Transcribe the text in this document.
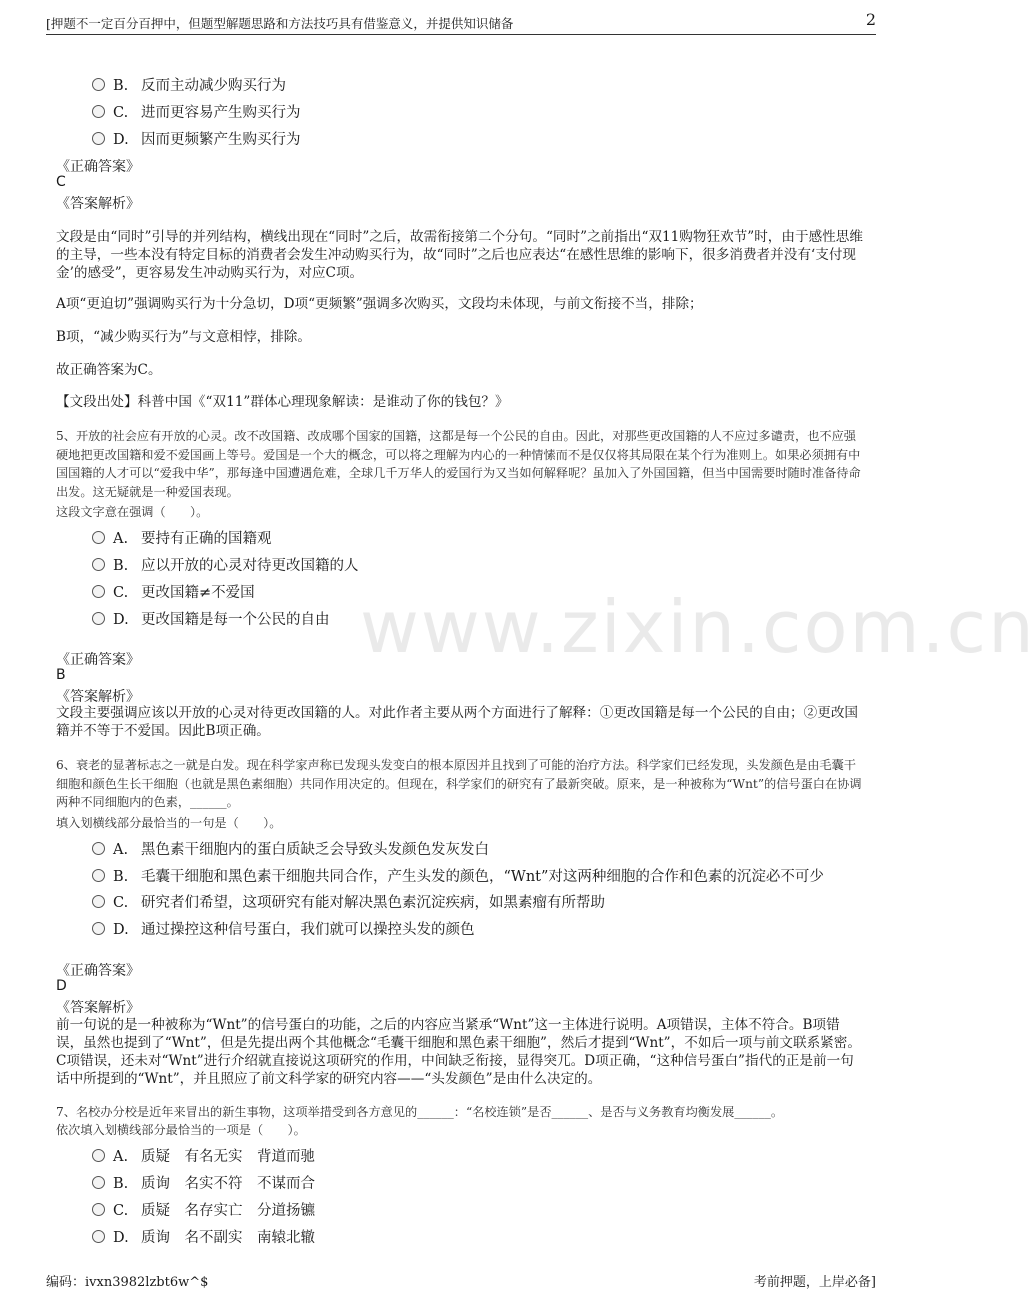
[押题不一定百分百押中，但题型解题思路和方法技巧具有借鉴意义，并提供知识储备	2
www.zixin.com.cn
B. 反而主动减少购买行为
C. 进而更容易产生购买行为
D. 因而更频繁产生购买行为
《正确答案》
C
《答案解析》
文段是由“同时”引导的并列结构，横线出现在“同时”之后，故需衔接第二个分句。“同时”之前指出“双11购物狂欢节”时，由于感性思维的主导，一些本没有特定目标的消费者会发生冲动购买行为，故“同时”之后也应表达“在感性思维的影响下，很多消费者并没有‘支付现金’的感受”，更容易发生冲动购买行为，对应C项。
A项“更迫切”强调购买行为十分急切，D项“更频繁”强调多次购买，文段均未体现，与前文衔接不当，排除；
B项，“减少购买行为”与文意相悖，排除。
故正确答案为C。
【文段出处】科普中国《“双11”群体心理现象解读：是谁动了你的钱包？》
5、开放的社会应有开放的心灵。改不改国籍、改成哪个国家的国籍，这都是每一个公民的自由。因此，对那些更改国籍的人不应过多谴责，也不应强硬地把更改国籍和爱不爱国画上等号。爱国是一个大的概念，可以将之理解为内心的一种情愫而不是仅仅将其局限在某个行为准则上。如果必须拥有中国国籍的人才可以“爱我中华”，那每逢中国遭遇危难，全球几千万华人的爱国行为又当如何解释呢？虽加入了外国国籍，但当中国需要时随时准备待命出发。这无疑就是一种爱国表现。
这段文字意在强调（　　）。
A. 要持有正确的国籍观
B. 应以开放的心灵对待更改国籍的人
C. 更改国籍≠不爱国
D. 更改国籍是每一个公民的自由
《正确答案》
B
《答案解析》
文段主要强调应该以开放的心灵对待更改国籍的人。对此作者主要从两个方面进行了解释：①更改国籍是每一个公民的自由；②更改国籍并不等于不爱国。因此B项正确。
6、衰老的显著标志之一就是白发。现在科学家声称已发现头发变白的根本原因并且找到了可能的治疗方法。科学家们已经发现，头发颜色是由毛囊干细胞和颜色生长干细胞（也就是黑色素细胞）共同作用决定的。但现在，科学家们的研究有了最新突破。原来，是一种被称为“Wnt”的信号蛋白在协调两种不同细胞内的色素，______。
填入划横线部分最恰当的一句是（　　）。
A. 黑色素干细胞内的蛋白质缺乏会导致头发颜色发灰发白
B. 毛囊干细胞和黑色素干细胞共同合作，产生头发的颜色，“Wnt”对这两种细胞的合作和色素的沉淀必不可少
C. 研究者们希望，这项研究有能对解决黑色素沉淀疾病，如黑素瘤有所帮助
D. 通过操控这种信号蛋白，我们就可以操控头发的颜色
《正确答案》
D
《答案解析》
前一句说的是一种被称为“Wnt”的信号蛋白的功能，之后的内容应当紧承“Wnt”这一主体进行说明。A项错误，主体不符合。B项错误，虽然也提到了“Wnt”，但是先提出两个其他概念“毛囊干细胞和黑色素干细胞”，然后才提到“Wnt”，不如后一项与前文联系紧密。C项错误，还未对“Wnt”进行介绍就直接说这项研究的作用，中间缺乏衔接，显得突兀。D项正确，“这种信号蛋白”指代的正是前一句话中所提到的“Wnt”，并且照应了前文科学家的研究内容——“头发颜色”是由什么决定的。
7、名校办分校是近年来冒出的新生事物，这项举措受到各方意见的______：“名校连锁”是否______、是否与义务教育均衡发展______。
依次填入划横线部分最恰当的一项是（　　）。
A. 质疑　有名无实　背道而驰
B. 质询　名实不符　不谋而合
C. 质疑　名存实亡　分道扬镳
D. 质询　名不副实　南辕北辙
编码：ivxn3982lzbt6w^$	考前押题，上岸必备]
